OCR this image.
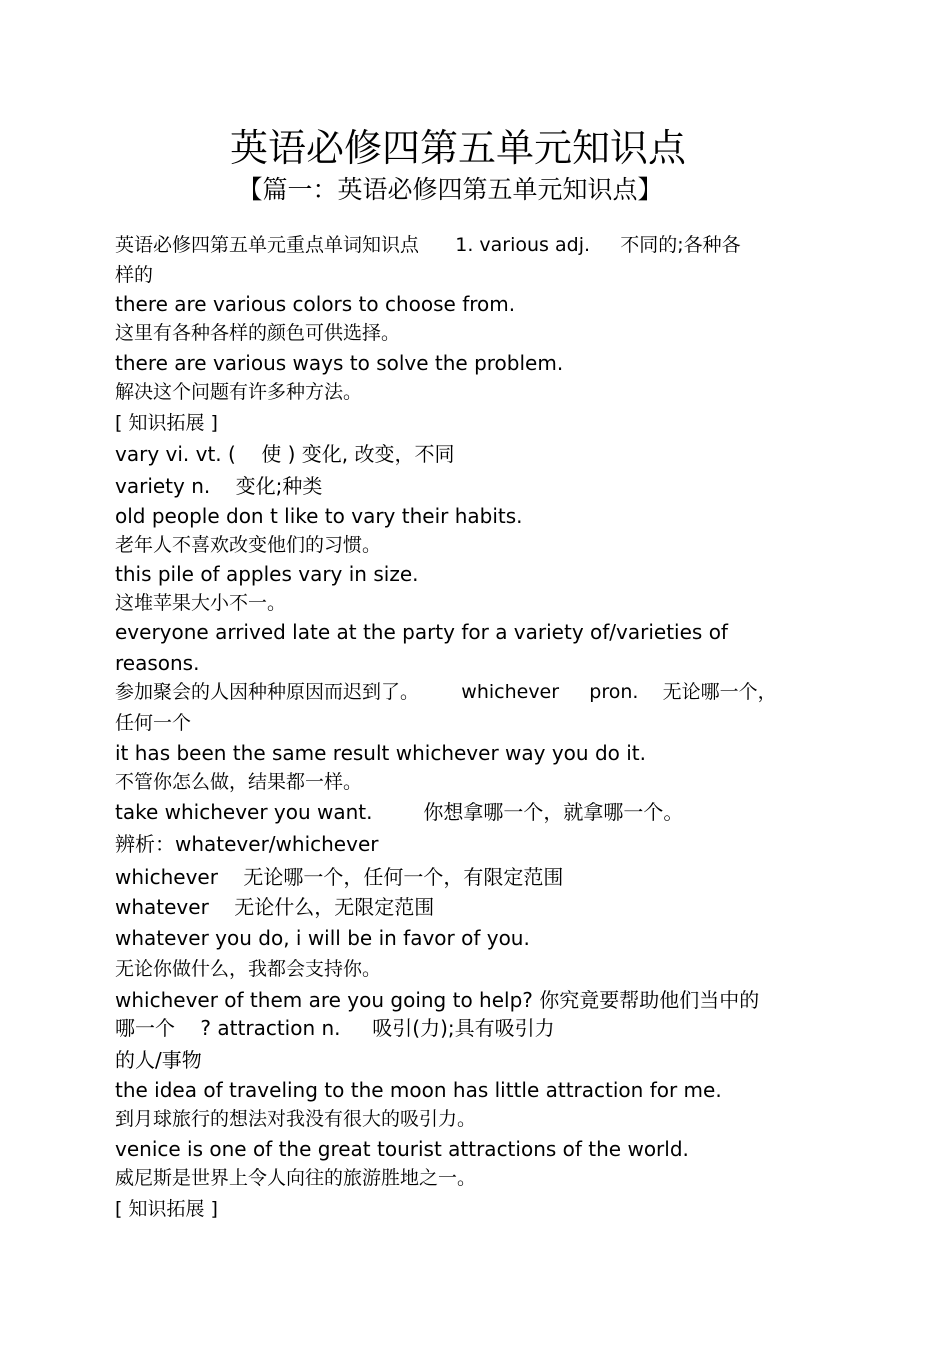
英语必修四第五单元知识点
【篇一：英语必修四第五单元知识点】
英语必修四第五单元重点单词知识点      1. various adj.     不同的;各种各
样的
there are various colors to choose from.
这里有各种各样的颜色可供选择。
there are various ways to solve the problem.
解决这个问题有许多种方法。
[ 知识拓展 ]
vary vi. vt. (    使 ) 变化, 改变，不同
variety n.    变化;种类
old people don t like to vary their habits.
老年人不喜欢改变他们的习惯。
this pile of apples vary in size.
这堆苹果大小不一。
everyone arrived late at the party for a variety of/varieties of
reasons.
参加聚会的人因种种原因而迟到了。       whichever     pron.    无论哪一个，
任何一个
it has been the same result whichever way you do it.
不管你怎么做，结果都一样。
take whichever you want.        你想拿哪一个，就拿哪一个。
辨析：whatever/whichever
whichever    无论哪一个，任何一个，有限定范围
whatever    无论什么，无限定范围
whatever you do, i will be in favor of you.
无论你做什么，我都会支持你。
whichever of them are you going to help? 你究竟要帮助他们当中的
哪一个    ? attraction n.     吸引(力);具有吸引力
的人/事物
the idea of traveling to the moon has little attraction for me.
到月球旅行的想法对我没有很大的吸引力。
venice is one of the great tourist attractions of the world.
威尼斯是世界上令人向往的旅游胜地之一。
[ 知识拓展 ]
